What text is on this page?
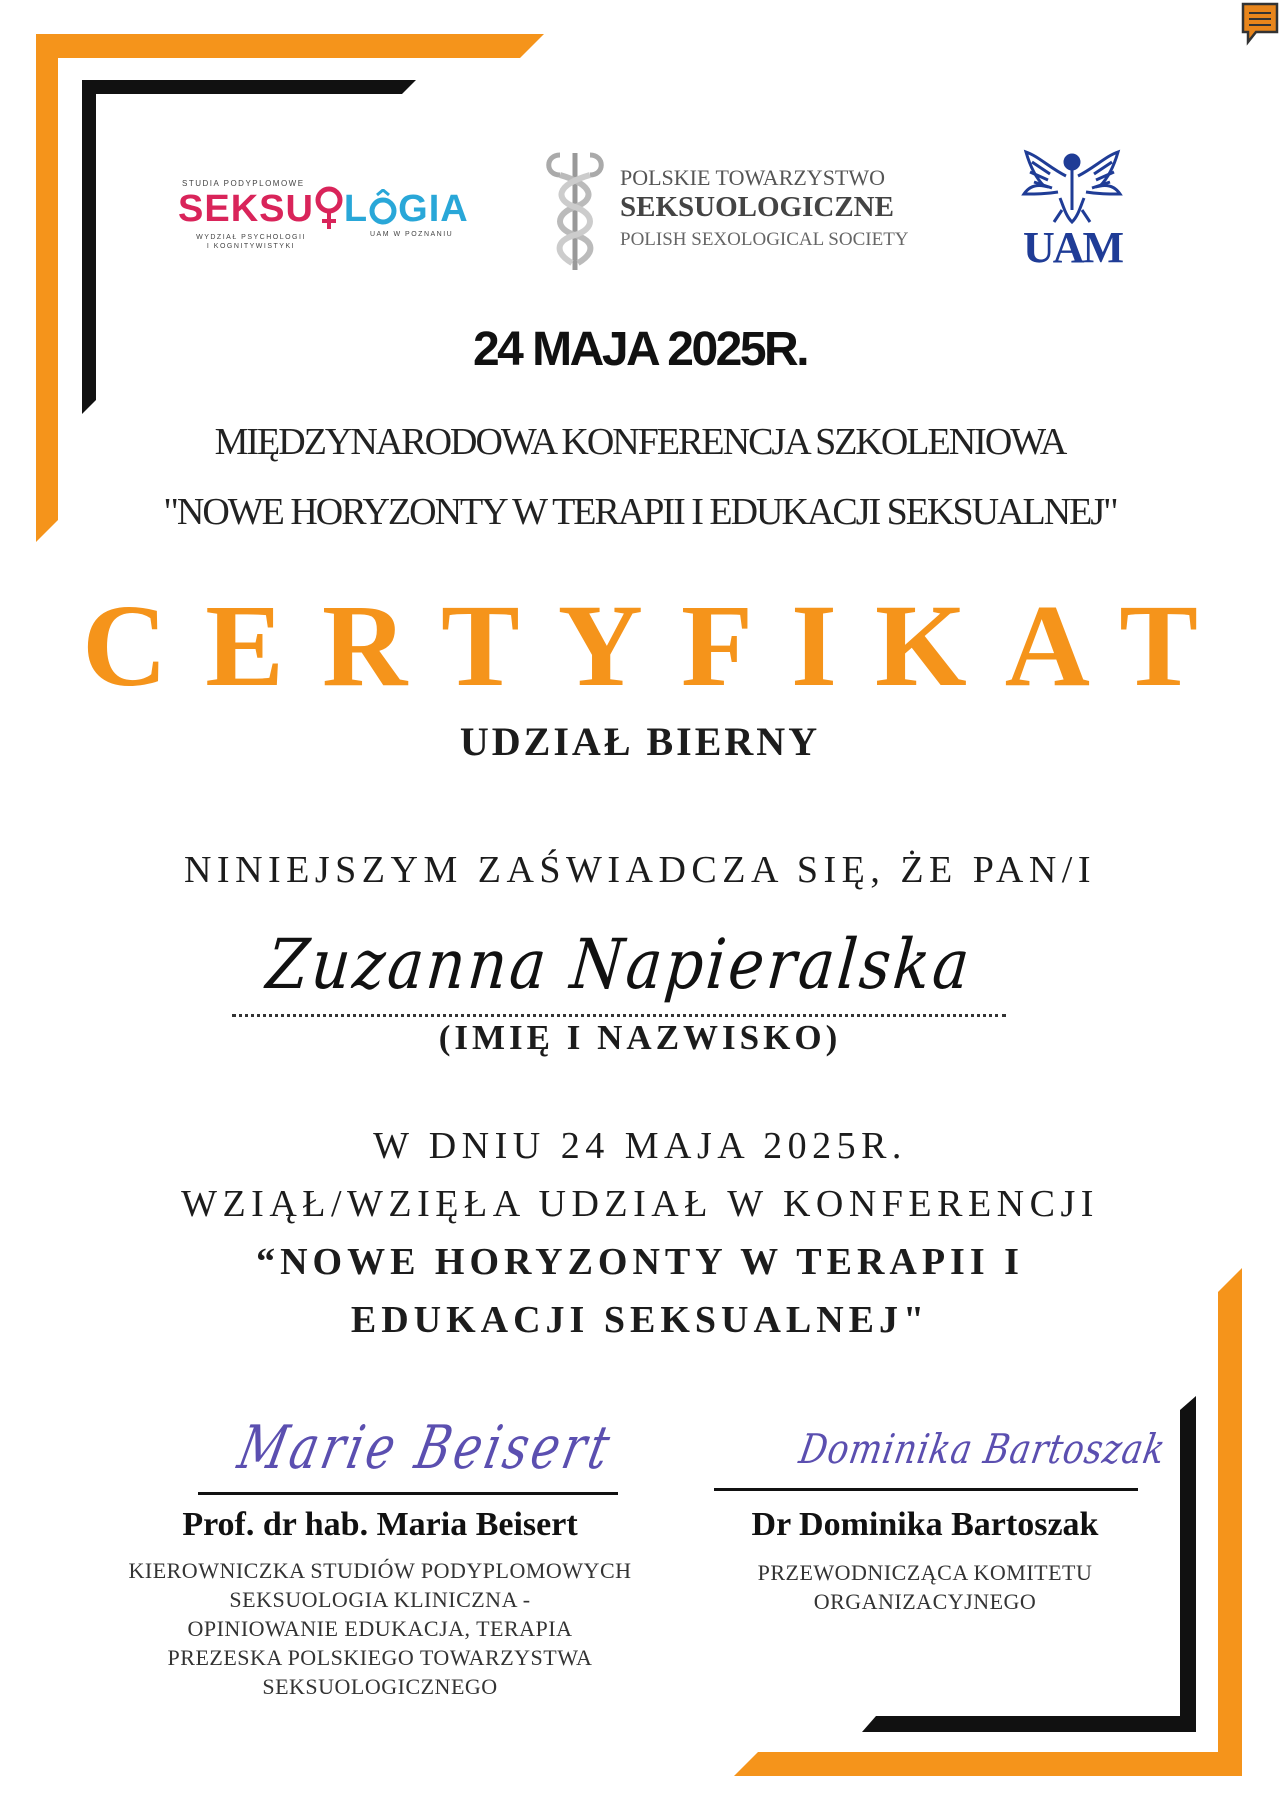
STUDIA PODYPLOMOWE
SEKSU L GIA
WYDZIAŁ PSYCHOLOGII I KOGNITYWISTYKI
UAM W POZNANIU
POLSKIE TOWARZYSTWO
SEKSUOLOGICZNE
POLISH SEXOLOGICAL SOCIETY	UAM
24 MAJA 2025R.
MIĘDZYNARODOWA KONFERENCJA SZKOLENIOWA
"NOWE HORYZONTY W TERAPII I EDUKACJI SEKSUALNEJ"
CERTYFIKAT
UDZIAŁ BIERNY
NINIEJSZYM ZAŚWIADCZA SIĘ, ŻE PAN/I
Zuzanna Napieralska
(IMIĘ I NAZWISKO)
W DNIU 24 MAJA 2025R.
WZIĄŁ/WZIĘŁA UDZIAŁ W KONFERENCJI
“NOWE HORYZONTY W TERAPII I
EDUKACJI SEKSUALNEJ"
Marie Beisert
Prof. dr hab. Maria Beisert
KIEROWNICZKA STUDIÓW PODYPLOMOWYCH
SEKSUOLOGIA KLINICZNA -
OPINIOWANIE EDUKACJA, TERAPIA
PREZESKA POLSKIEGO TOWARZYSTWA
SEKSUOLOGICZNEGO
Dominika Bartoszak
Dr Dominika Bartoszak
PRZEWODNICZĄCA KOMITETU
ORGANIZACYJNEGO
